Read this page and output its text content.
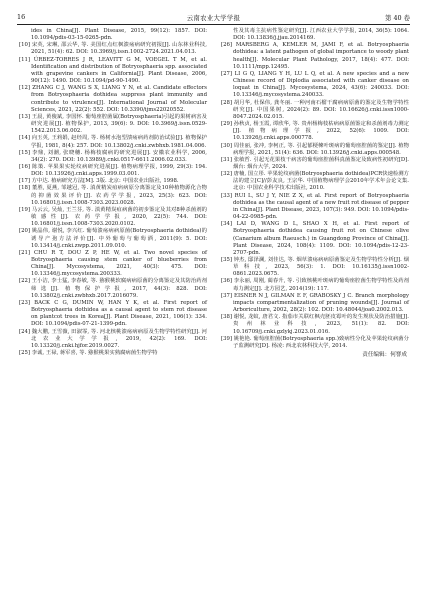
16	云南农业大学学报	第 40 卷

ides in China[J]. Plant Disease, 2015, 99(12): 1857. DOI: 10.1094/pdis-03-15-0265-pdn.

[10] 宋英, 宋琳, 邵云华, 等. 美国红点红枫溃疡病研究初报[J]. 山东林业科技, 2021, 51(4): 62. DOI: 10.3969/j.issn.1002-2724.2021.04.013.

[11] ÚRBEZ-TORRES J R, LEAVITT G M, VOEGEL T M, et al. Identification and distribution of Botryosphaeria spp. associated with grapevine cankers in California[J]. Plant Disease, 2006, 90(12): 1490. DOI: 10.1094/pd-90-1490.

[12] ZHANG C J, WANG S X, LIANG Y N, et al. Candidate effectors from Botryosphaeria dothidea suppress plant immunity and contribute to virulence[J]. International Journal of Molecular Sciences, 2021, 22(2): 552. DOI: 10.3390/ijms22020552.

[13] 王晨, 黄俊斌, 李国怀. 葡萄座腔菌属(Botryosphaeria)引起的果树病害及研究进展[J]. 植物保护, 2013, 39(6): 9. DOI: 10.3969/j.issn.0529-1542.2013.06.002.

[14] 向玉英, 王莉娟, 赵经周, 等. 杨树水泡型溃疡病药剂防治试验[J]. 植物保护学报, 1981, 8(4): 257. DOI: 10.13802/j.cnki.zwbhxb.1981.04.006.

[15] 李鼎, 刘潮, 张晓穗. 杨梅枝腐病的研究进展[J]. 安徽农业科学, 2006, 34(2): 270. DOI: 10.13989/j.cnki.0517-6611.2006.02.033.

[16] 陈策. 苹果果实轮纹病研究进展[J]. 植物病理学报, 1999, 29(3): 194. DOI: 10.13926/j.cnki.apps.1999.03.001.

[17] 方中达. 植病研究方法[M]. 3版. 北京: 中国农业出版社, 1998.

[18] 董胜, 夏燕, 邹越冠, 等. 滇黄精炭疽病病原分离鉴定及10种植物源化合物的抑菌效果评价[J]. 农药学学报, 2023, 25(3): 623. DOI: 10.16801/j.issn.1008-7303.2023.0028.

[19] 马云云, 吴灿, 王兰芬, 等. 滇黄精炭疽病菌的初步鉴定及其对8种杀菌剂的敏感性[J]. 农药学学报, 2020, 22(5): 744. DOI: 10.16801/j.issn.1008-7303.2020.0102.

[20] 姚晶伟, 谢悦, 李兴红. 葡萄溃疡病病原菌(Botryosphaeria dothidea)的诱导产孢方法评价[J]. 中外葡萄与葡萄酒, 2011(9): 5. DOI: 10.13414/j.cnki.zwpp.2011.09.010.

[21] CHU R T, DOU Z P, HE W, et al. Two novel species of Botryosphaeria causing stem canker of blueberries from China[J]. Mycosystema, 2021, 40(3): 475. DOI: 10.13346/j.mycosystema.200333.

[22] 王小洁, 李士猛, 李春敏, 等. 猕猴桃软腐病病原菌的分离鉴定及其防治药剂筛选[J]. 植物保护学报, 2017, 44(3): 828. DOI: 10.13802/j.cnki.zwbhxb.2017.2016079.

[23] BACK C G, DUMIN W, HAN Y K, et al. First report of Botryosphaeria dothidea as a causal agent to stem rot disease on plantcot trees in Korea[J]. Plant Disease, 2021, 106(1): 334. DOI: 10.1094/pdis-07-21-1399-pdn.

[24] 魏大鹏, 王雪薇, 田淑霏, 等. 河北核桃溃疡病病原及生物学特性研究[J]. 河北农业大学学报, 2019, 42(2): 169. DOI: 10.13320/j.cnki.hjfor.2019.0027.

[25] 李诚, 王禄, 蒋军喜, 等. 猕猴桃果实熟腐病菌生物学特

性及其毒主抗病性鉴定研究[J]. 江西农业大学学报, 2014, 36(5): 1064. DOI: 10.13836/j.jjau.2014169.

[26] MARSBERG A, KEMLER M, JAMI F, et al. Botryosphaeria dothidea: a latent pathogen of global importance to woody plant health[J]. Molecular Plant Pathology, 2017, 18(4): 477. DOI: 10.1111/mpp.12495.

[27] LI G Q, LIANG Y H, LU L Q, et al. A new species and a new Chinese record of Diplodia associated with canker disease on loquat in China[J]. Mycosystema, 2024, 43(6): 240033. DOI: 10.13346/j.mycosystema.240033.

[28] 胡月华, 杜保伟, 龚冬丽. 一种河南石榴干腐病病原菌的鉴定及生物学特性研究[J]. 中国果树, 2024(2): 89. DOI: 10.16626/j.cnki.issn1000-8047.2024.02.015.

[29] 孙秋贞, 杨玉霞, 谭欣华, 等. 贵州杨梅枝枯病病原菌鉴定和杀菌剂毒力测定[J]. 植物病理学报, 2022, 52(6): 1009. DOI: 10.13926/j.cnki.apps.000778.

[30] 周佳丽, 张冲, 李柯正, 等. 引起郁梗楝叶斑病的葡萄座腔菌的鉴定[J]. 植物病理学报, 2021, 51(4): 636. DOI: 10.13926/j.cnki.apps.000548.

[31] 张敏哲. 引起无花果枝干病害的葡萄座腔菌科真菌鉴定及致病性初研究[D]. 烟台: 烟台大学, 2024.

[32] 唐楠, 国立彤. 苹果轮纹病菌(Botryosphaeria dothidea)PCR快速检测方法的建立[C]//彭友良, 王宗华. 中国植物病理学会2010年学术年会论文集. 北京: 中国农业科学技术出版社, 2010.

[33] RUI L, SU J Y, NIE Z X, et al. First report of Botryosphaeria dothidea as the causal agent of a new fruit rot disease of pepper in China[J]. Plant Disease, 2023, 107(3): 949. DOI: 10.1094/pdis-04-22-0985-pdn.

[34] LAI D, WANG D L, SHAO X H, et al. First report of Botryosphaeria dothidea causing fruit rot on Chinese olive (Canarium album Raeusch.) in Guangdong Province of China[J]. Plant Disease, 2024, 108(4): 1109. DOI: 10.1094/pdis-12-23-2707-pdn.

[35] 钟杰, 邸泽澜, 刘佳达, 等. 烟草溃疡病病原菌鉴定及生物学特性分析[J]. 烟草科技, 2023, 56(3): 1. DOI: 10.16135/j.issn1002-0861.2023.0675.

[36] 李永丽, 周刚, 蔺春升, 等. 引致核桃叶斑病的葡萄座腔菌生物学特性及药剂毒力测定[J]. 北方园艺, 2014(19): 117.

[37] EISNER N J, GILMAN E F, GRABOSKY J C. Branch morphology impacts compartmentalization of pruning wounds[J]. Journal of Arboriculture, 2002, 28(2): 102. DOI: 10.48044/joa0.2002.013.

[38] 谢悦, 龙蚊, 唐君文. 指茄市关联红枫壳胚皮霉叶的发生规状及防治措施[J]. 贵州林业科技, 2023, 51(1): 82. DOI: 10.16709/j.cnki.gzlykj.2023.01.016.

[39] 姚艳艳. 葡萄座腔菌(Botryosphaeria spp.)致病性分化及苹果轮纹病菌分子监测研究[D]. 杨凌: 西北农林科技大学, 2014.

责任编辑：何謇成
